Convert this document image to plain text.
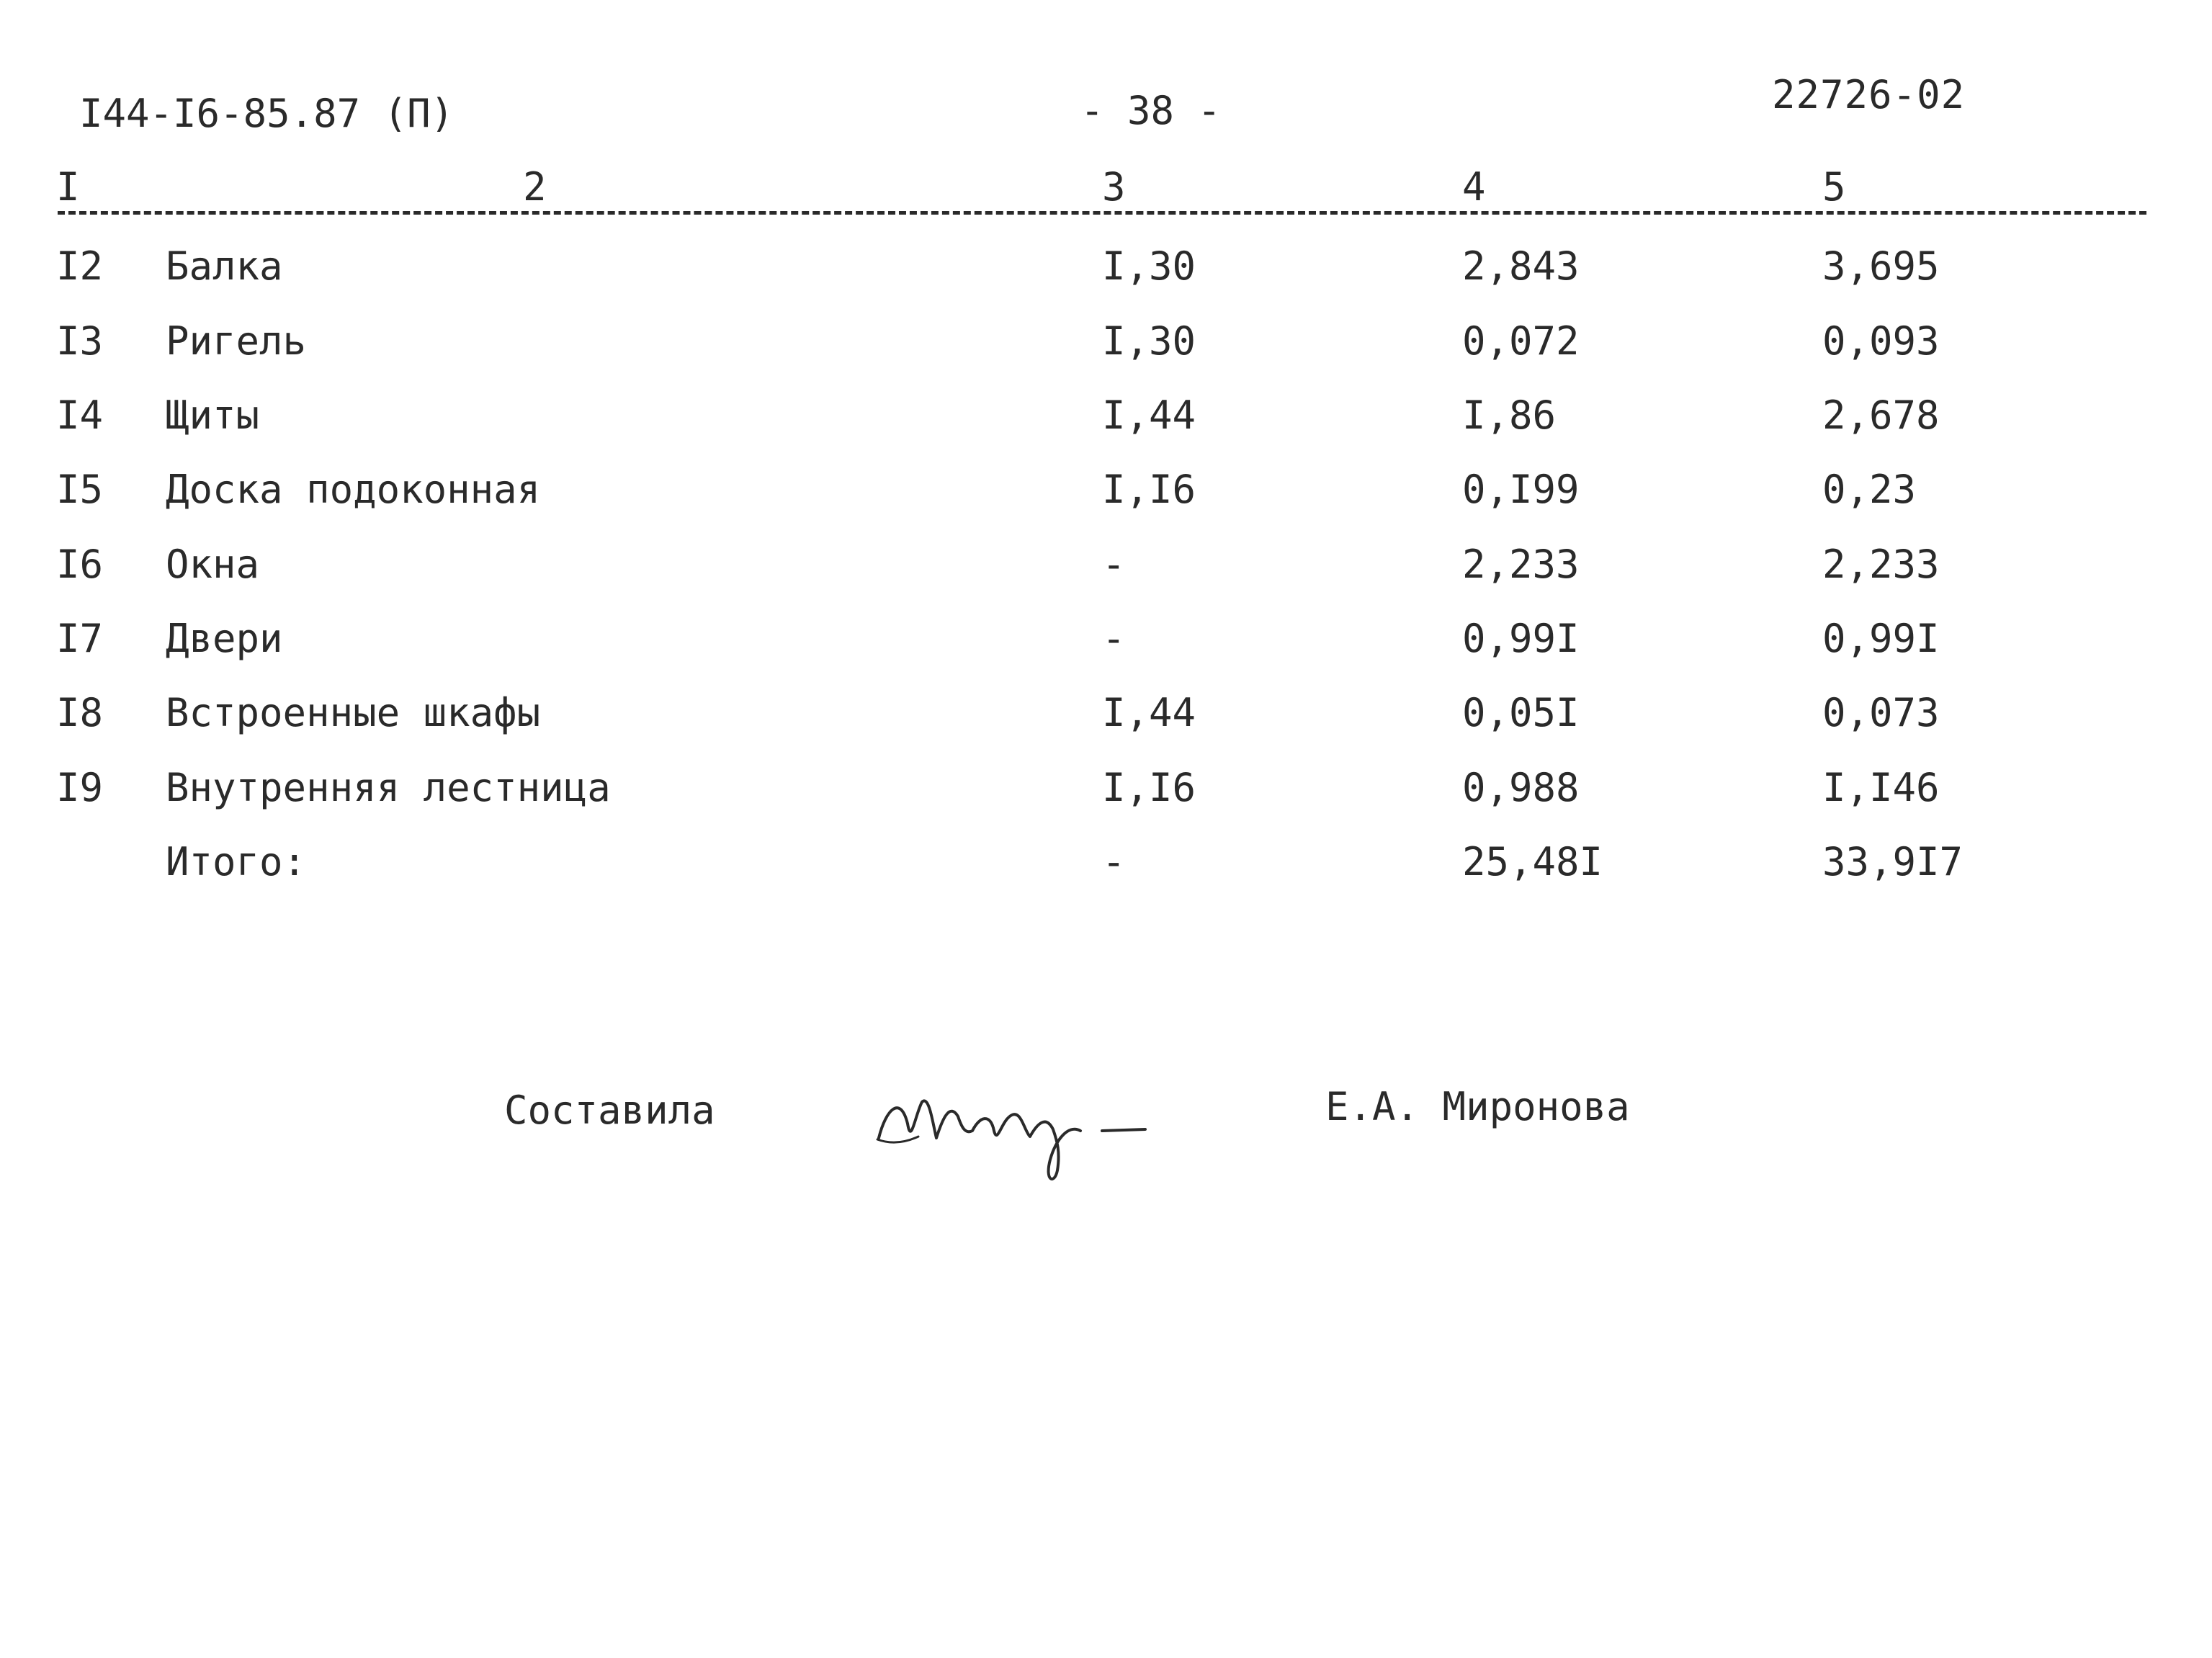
I44-I6-85.87 (П)	- 38 -	22726-02
I	2	3	4	5
I2 Балка	I,30	2,843	3,695
I3 Ригель	I,30	0,072	0,093
I4 Щиты	I,44	I,86	2,678
I5 Доска подоконная	I,I6	0,I99	0,23
I6 Окна	-	2,233	2,233
I7 Двери	-	0,99I	0,99I
I8 Встроенные шкафы	I,44	0,05I	0,073
I9 Внутренняя лестница	I,I6	0,988	I,I46
Итого:	-	25,48I	33,9I7
Составила	Е.А. Миронова
